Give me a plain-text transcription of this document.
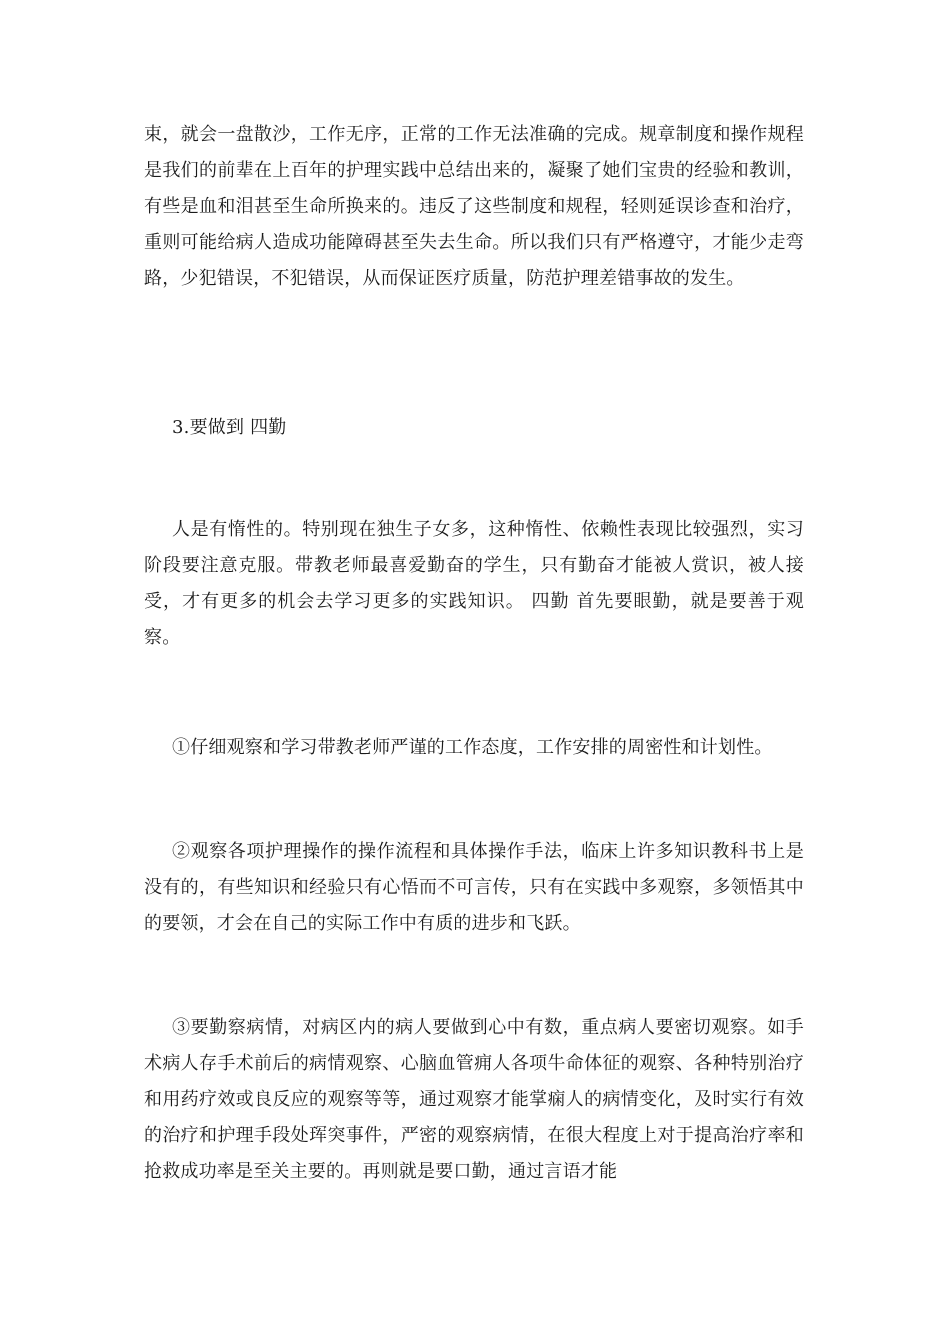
束，就会一盘散沙，工作无序，正常的工作无法准确的完成。规章制度和操作规程是我们的前辈在上百年的护理实践中总结出来的，凝聚了她们宝贵的经验和教训，有些是血和泪甚至生命所换来的。违反了这些制度和规程，轻则延误诊查和治疗，重则可能给病人造成功能障碍甚至失去生命。所以我们只有严格遵守，才能少走弯路，少犯错误，不犯错误，从而保证医疗质量，防范护理差错事故的发生。

3.要做到 四勤

人是有惰性的。特别现在独生子女多，这种惰性、依赖性表现比较强烈，实习阶段要注意克服。带教老师最喜爱勤奋的学生，只有勤奋才能被人赏识，被人接受，才有更多的机会去学习更多的实践知识。 四勤 首先要眼勤，就是要善于观察。

①仔细观察和学习带教老师严谨的工作态度，工作安排的周密性和计划性。

②观察各项护理操作的操作流程和具体操作手法，临床上许多知识教科书上是没有的，有些知识和经验只有心悟而不可言传，只有在实践中多观察，多领悟其中的要领，才会在自己的实际工作中有质的进步和飞跃。

③要勤察病情，对病区内的病人要做到心中有数，重点病人要密切观察。如手术病人存手术前后的病情观察、心脑血管痈人各项牛命体征的观察、各种特别治疗和用药疗效或良反应的观察等等，通过观察才能掌痫人的病情变化，及时实行有效的治疗和护理手段处珲突事件，严密的观察病情，在很大程度上对于提高治疗率和抢救成功率是至关主要的。再则就是要口勤，通过言语才能
